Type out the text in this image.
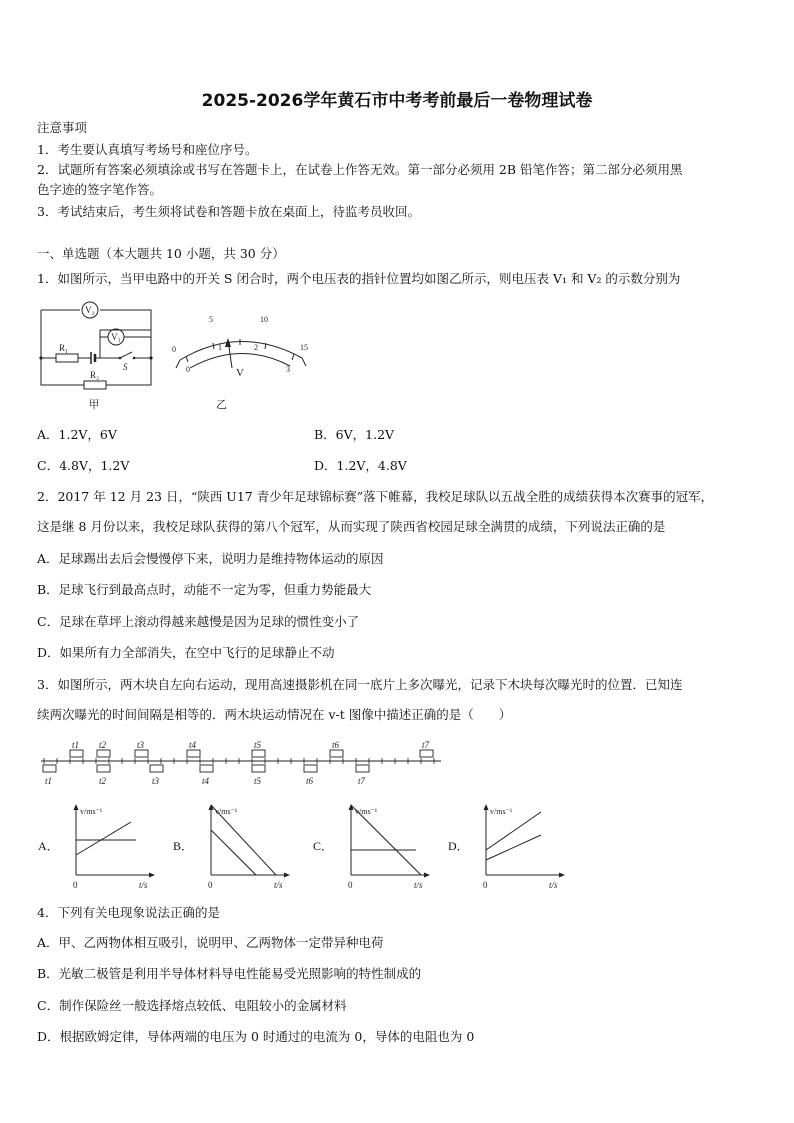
2025-2026学年黄石市中考考前最后一卷物理试卷
注意事项
1．考生要认真填写考场号和座位序号。
2．试题所有答案必须填涂或书写在答题卡上，在试卷上作答无效。第一部分必须用 2B 铅笔作答；第二部分必须用黑
色字迹的签字笔作答。
3．考试结束后，考生须将试卷和答题卡放在桌面上，待监考员收回。
一、单选题（本大题共 10 小题，共 30 分）
1．如图所示，当甲电路中的开关 S 闭合时，两个电压表的指针位置均如图乙所示，则电压表 V₁ 和 V₂ 的示数分别为
V₂
V₁
R₁
S
R₂
甲
0
5	10
15
0
1	2
3
V
乙
A．1.2V，6V	B．6V，1.2V
C．4.8V，1.2V	D．1.2V，4.8V
2．2017 年 12 月 23 日，“陕西 U17 青少年足球锦标赛”落下帷幕，我校足球队以五战全胜的成绩获得本次赛事的冠军，
这是继 8 月份以来，我校足球队获得的第八个冠军，从而实现了陕西省校园足球全满贯的成绩，下列说法正确的是
A．足球踢出去后会慢慢停下来，说明力是维持物体运动的原因
B．足球飞行到最高点时，动能不一定为零，但重力势能最大
C．足球在草坪上滚动得越来越慢是因为足球的惯性变小了
D．如果所有力全部消失，在空中飞行的足球静止不动
3．如图所示，两木块自左向右运动，现用高速摄影机在同一底片上多次曝光，记录下木块每次曝光时的位置．已知连
续两次曝光的时间间隔是相等的．两木块运动情况在 v-t 图像中描述正确的是（　　）
t1 t2	t3	t4	t5	t6	t7
t1	t2	t3	t4	t5	t6	t7
A．
v/ms⁻¹
t/s
0
B．
v/ms⁻¹
t/s
0
C．
v/ms⁻¹
t/s
0
D．
v/ms⁻¹
t/s
0
4．下列有关电现象说法正确的是
A．甲、乙两物体相互吸引，说明甲、乙两物体一定带异种电荷
B．光敏二极管是利用半导体材料导电性能易受光照影响的特性制成的
C．制作保险丝一般选择熔点较低、电阻较小的金属材料
D．根据欧姆定律，导体两端的电压为 0 时通过的电流为 0，导体的电阻也为 0
